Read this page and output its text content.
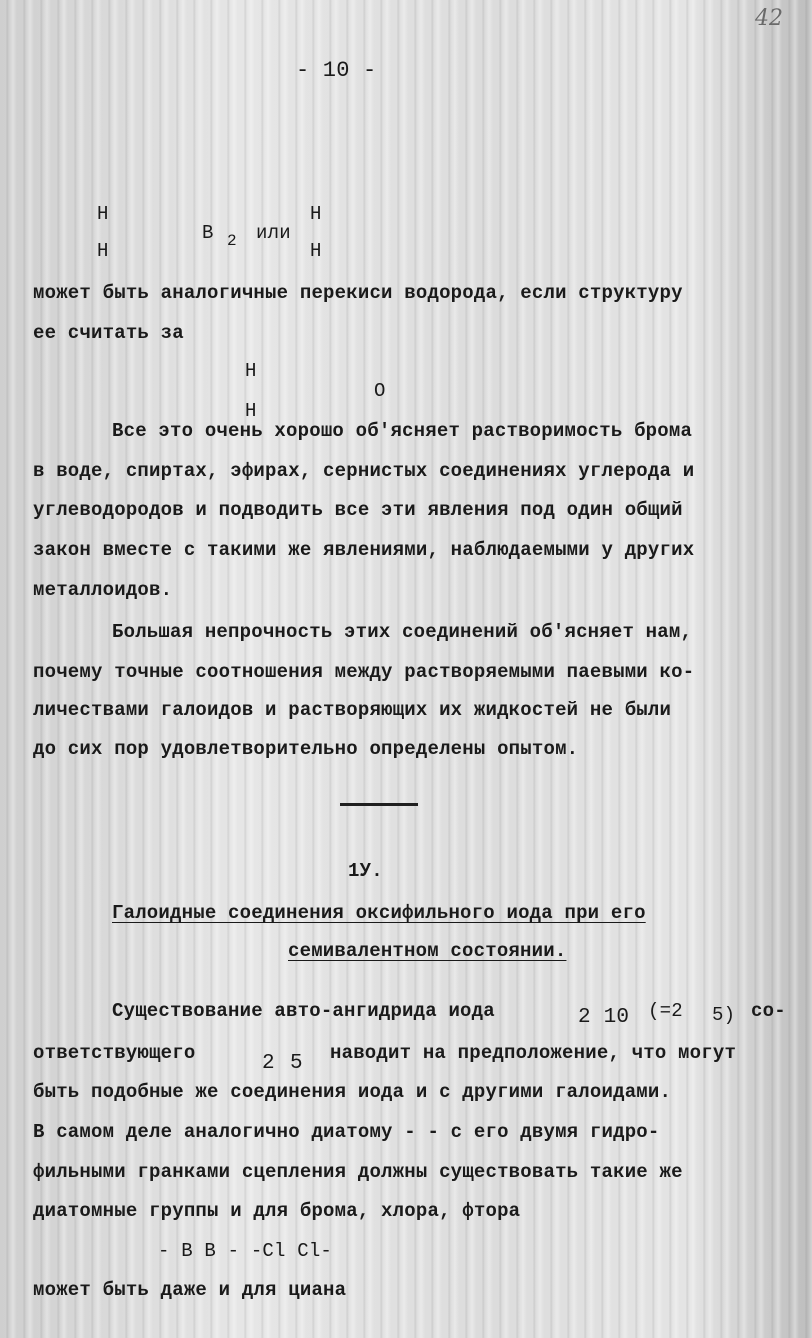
42
- 10 -
H
H
B 2 или
H
H
может быть аналогичные перекиси водорода, если структуру
ее считать за
H
O
H
Все это очень хорошо об'ясняет растворимость брома
в воде, спиртах, эфирах, сернистых соединениях углерода и
углеводородов и подводить все эти явления под один общий
закон вместе с такими же явлениями, наблюдаемыми у других
металлоидов.
Большая непрочность этих соединений об'ясняет нам,
почему точные соотношения между растворяемыми паевыми ко-
личествами галоидов и растворяющих их жидкостей не были
до сих пор удовлетворительно определены опытом.
1У.
Галоидные соединения оксифильного иода при его
семивалентном состоянии.
Существование авто-ангидрида иода	2 10 (=2 5) со-
ответствующего	2 5 наводит на предположение, что могут
быть подобные же соединения иода и с другими галоидами.
В самом деле аналогично диатому - - с его двумя гидро-
фильными гранками сцепления должны существовать такие же
диатомные группы и для брома, хлора, фтора
- B B - -Cl Cl-
может быть даже и для циана
